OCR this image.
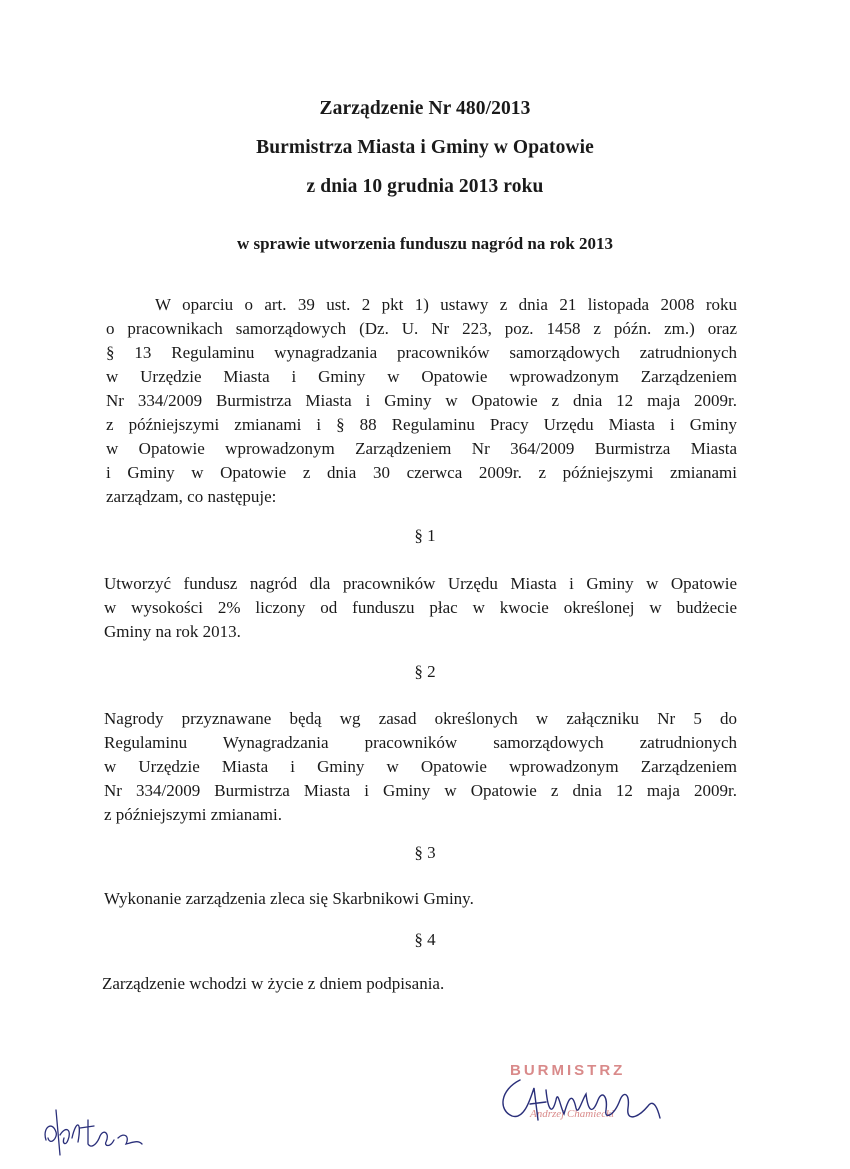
Zarządzenie Nr 480/2013
Burmistrza Miasta i Gminy w Opatowie
z dnia 10 grudnia 2013 roku
w sprawie utworzenia funduszu nagród na rok 2013
W oparciu o art. 39 ust. 2 pkt 1) ustawy z dnia 21 listopada 2008 roku
o pracownikach samorządowych (Dz. U. Nr 223, poz. 1458 z późn. zm.) oraz
§ 13 Regulaminu wynagradzania pracowników samorządowych zatrudnionych
w Urzędzie Miasta i Gminy w Opatowie wprowadzonym Zarządzeniem
Nr 334/2009 Burmistrza Miasta i Gminy w Opatowie z dnia 12 maja 2009r.
z późniejszymi zmianami i § 88 Regulaminu Pracy Urzędu Miasta i Gminy
w Opatowie wprowadzonym Zarządzeniem Nr 364/2009 Burmistrza Miasta
i Gminy w Opatowie z dnia 30 czerwca 2009r. z późniejszymi zmianami
zarządzam, co następuje:
§ 1
Utworzyć fundusz nagród dla pracowników Urzędu Miasta i Gminy w Opatowie
w wysokości 2% liczony od funduszu płac w kwocie określonej w budżecie
Gminy na rok 2013.
§ 2
Nagrody przyznawane będą wg zasad określonych w załączniku Nr 5 do
Regulaminu Wynagradzania pracowników samorządowych zatrudnionych
w Urzędzie Miasta i Gminy w Opatowie wprowadzonym Zarządzeniem
Nr 334/2009 Burmistrza Miasta i Gminy w Opatowie z dnia 12 maja 2009r.
z późniejszymi zmianami.
§ 3
Wykonanie zarządzenia zleca się Skarbnikowi Gminy.
§ 4
Zarządzenie wchodzi w życie z dniem podpisania.
BURMISTRZ
Andrzej Chamiecki
